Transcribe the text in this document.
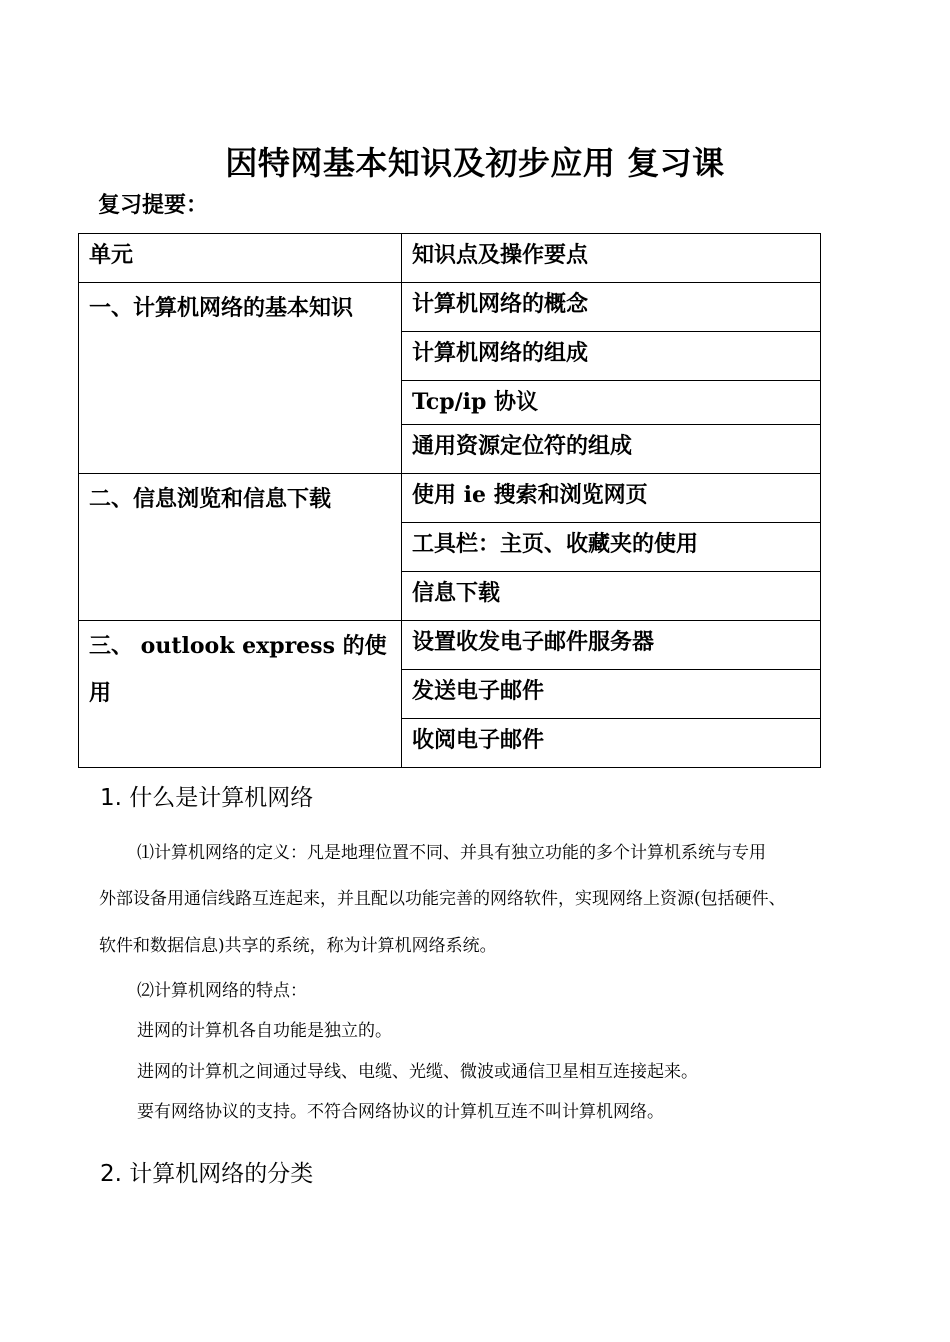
因特网基本知识及初步应用 复习课
复习提要：
单元	知识点及操作要点

一、计算机网络的基本知识	计算机网络的概念

	计算机网络的组成

	Tcp/ip 协议

	通用资源定位符的组成

二、信息浏览和信息下载	使用 ie 搜索和浏览网页

	工具栏：主页、收藏夹的使用

	信息下载

三、 outlook express 的使用	设置收发电子邮件服务器

	发送电子邮件

	收阅电子邮件
1. 什么是计算机网络
⑴计算机网络的定义：凡是地理位置不同、并具有独立功能的多个计算机系统与专用
外部设备用通信线路互连起来，并且配以功能完善的网络软件，实现网络上资源(包括硬件、
软件和数据信息)共享的系统，称为计算机网络系统。
⑵计算机网络的特点：
进网的计算机各自功能是独立的。
进网的计算机之间通过导线、电缆、光缆、微波或通信卫星相互连接起来。
要有网络协议的支持。不符合网络协议的计算机互连不叫计算机网络。
2. 计算机网络的分类
